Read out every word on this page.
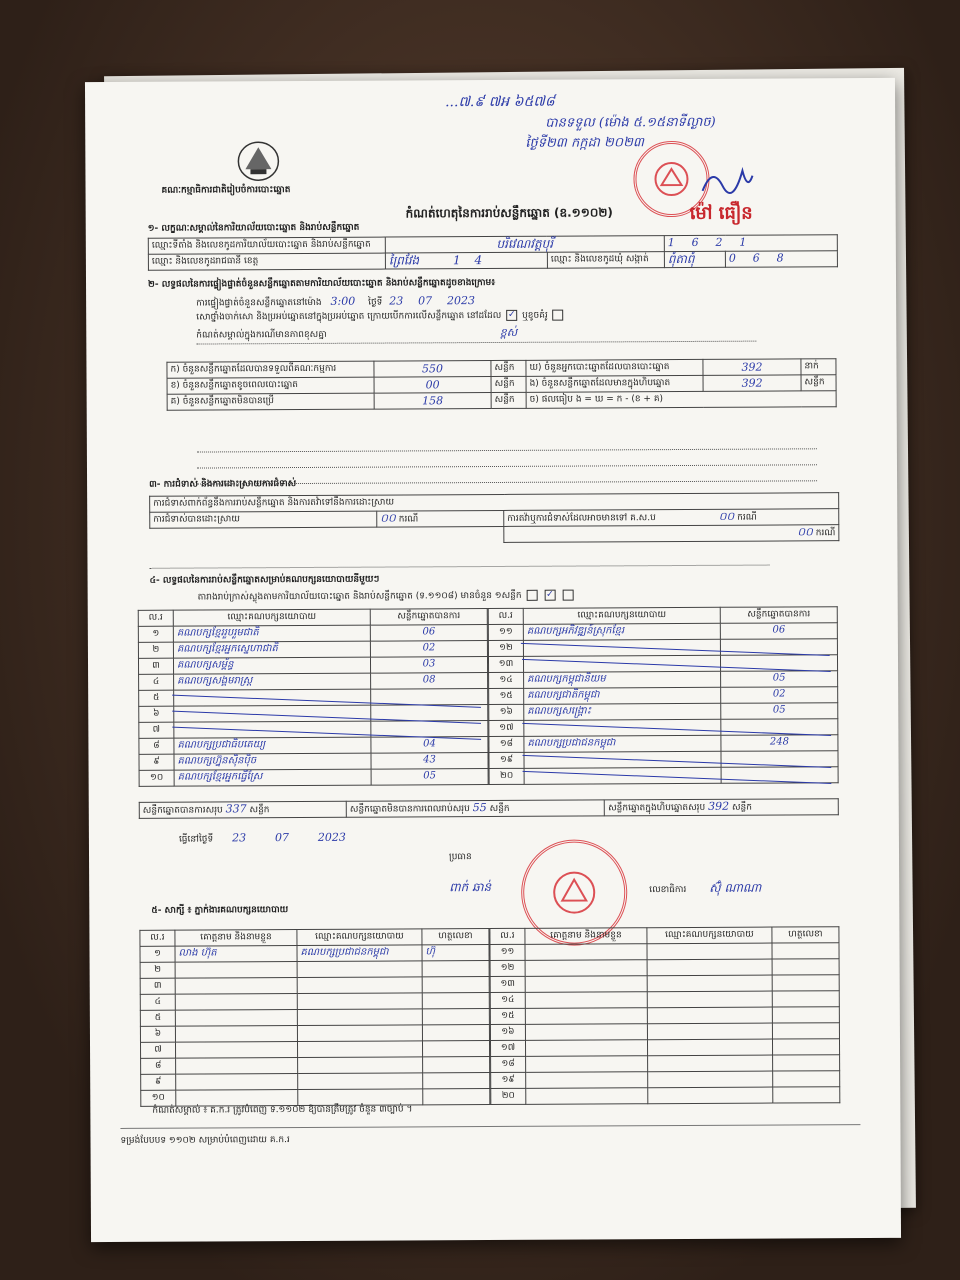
...៧.៩ ៧អ ៦៥៧៨
បាន​ទទួល (ម៉ោង ៥.១៥នាទីល្ងាច)
ថ្ងៃទី២៣ កក្កដា ២០២៣
ម៉ៅ ធឿន
គណៈកម្មាធិការជាតិរៀបចំការបោះឆ្នោត
កំណត់ហេតុនៃការរាប់សន្លឹកឆ្នោត (ឧ.១១០២)
១- លក្ខណៈសម្គាល់នៃការិយាល័យបោះឆ្នោត និងរាប់សន្លឹកឆ្នោត
ឈ្មោះទីតាំង និងលេខកូដការិយាល័យបោះឆ្នោត និងរាប់សន្លឹកឆ្នោត	បរិវេណវត្តបុរី		1 6 2 1	
ឈ្មោះ និងលេខកូដរាជធានី ខេត្ត	ព្រៃវែង 1 4	ឈ្មោះ និងលេខកូដឃុំ សង្កាត់	ពុំតាពុំ	0 6 8
២- លទ្ធផលនៃការផ្ទៀងផ្ទាត់ចំនួនសន្លឹកឆ្នោតតាមការិយាល័យបោះឆ្នោត និងរាប់សន្លឹកឆ្នោតដូចខាងក្រោម៖
ការផ្ទៀងផ្ទាត់ចំនួនសន្លឹកឆ្នោតនៅម៉ោង 3:00 ថ្ងៃទី 23 07 2023
សោថ្នាំងចាក់សោ និងប្រអប់ឆ្នោតនៅក្នុងប្រអប់ឆ្នោត ក្រោយបើកការលើសន្លឹកឆ្នោត នៅដដែល ✓ ឬខូចគំរូ
កំណត់សម្គាល់ក្នុងករណីមានភាពខុសគ្នា	ខ្ពស់
ក) ចំនួនសន្លឹកឆ្នោតដែលបានទទួលពីគណៈកម្មការ	550	សន្លឹក	ឃ) ចំនួនអ្នកបោះឆ្នោតដែលបានបោះឆ្នោត	392	នាក់
ខ) ចំនួនសន្លឹកឆ្នោតខូចពេលបោះឆ្នោត	00	សន្លឹក	ង) ចំនួនសន្លឹកឆ្នោតដែលមានក្នុងហិបឆ្នោត	392	សន្លឹក
គ) ចំនួនសន្លឹកឆ្នោតមិនបានប្រើ	158	សន្លឹក	ច) ផលធៀប ង = ឃ = ក - (ខ + គ)		
៣- ការជំទាស់ និងការដោះស្រាយការជំទាស់
ការជំទាស់ពាក់ព័ន្ធនឹងការរាប់សន្លឹកឆ្នោត និងការតវ៉ាទៅនឹងការដោះស្រាយ		
ការជំទាស់បានដោះស្រាយ	០០ ករណី	ការតវ៉ាឬការជំទាស់ដែលអាចមានទៅ គ.ស.ប ០០ ករណី
		០០ ករណី
៤- លទ្ធផលនៃការរាប់សន្លឹកឆ្នោតសម្រាប់គណបក្សនយោបាយនីមួយៗ
តារាងរាប់ក្រាស់ស្លុងតាមការិយាល័យបោះឆ្នោត និងរាប់សន្លឹកឆ្នោត (ទ.១១០៨) មានចំនួន ១សន្លឹក	✓
ល.រ	ឈ្មោះគណបក្សនយោបាយ	សន្លឹកឆ្នោតបានការ
១	គណបក្សខ្មែររួបរួមជាតិ	06
២	គណបក្សខ្មែរអ្នកស្នេហាជាតិ	02
៣	គណបក្សសម្ព័ន្ធ	03
៤	គណបក្សសង្គមរាស្ត្រ	08
៥		
៦		
៧		
៨	គណបក្សប្រជាធិបតេយ្យ	04
៩	គណបក្សហ្វ៊ុនស៊ិនប៉ិច	43
១០	គណបក្សខ្មែរអ្នកធ្វើស្រែ	05
ល.រ	ឈ្មោះគណបក្សនយោបាយ	សន្លឹកឆ្នោតបានការ
១១	គណបក្សអភិវឌ្ឍន៍ស្រុកខ្មែរ	06
១២		
១៣		
១៤	គណបក្សកម្ពុជានិយម	05
១៥	គណបក្សជាតិកម្ពុជា	02
១៦	គណបក្សសង្គ្រោះ	05
១៧		
១៨	គណបក្សប្រជាជនកម្ពុជា	248
១៩		
២០		
សន្លឹកឆ្នោតបានការសរុប 337 សន្លឹក	សន្លឹកឆ្នោតមិនបានការពេលរាប់សរុប 55 សន្លឹក	សន្លឹកឆ្នោតក្នុងហិបឆ្នោតសរុប 392 សន្លឹក
ធ្វើនៅថ្ងៃទី 23	07	2023
ប្រធាន
ពាក់ ឆាន់	លេខាធិការ ស៊ុំ ណាណា
៥- សាក្សី ៖ ភ្នាក់ងារគណបក្សនយោបាយ
ល.រ	គោត្តនាម និងនាមខ្លួន	ឈ្មោះគណបក្សនយោបាយ	ហត្ថលេខា
១	លាង ហ៊ុត	គណបក្សប្រជាជនកម្ពុជា	ហ៊ុ
២			
៣			
៤			
៥			
៦			
៧			
៨			
៩			
១០			
ល.រ	គោត្តនាម និងនាមខ្លួន	ឈ្មោះគណបក្សនយោបាយ	ហត្ថលេខា
១១			
១២			
១៣			
១៤			
១៥			
១៦			
១៧			
១៨			
១៩			
២០			
កំណត់សម្គាល់ ៖ គ.ក.រ ត្រូវបំពេញ ទ.១១០២ ឱ្យបានត្រឹមត្រូវ ចំនួន ៣ច្បាប់ ។
ទម្រង់បែបបទ ១១០២ សម្រាប់បំពេញដោយ គ.ក.រ
